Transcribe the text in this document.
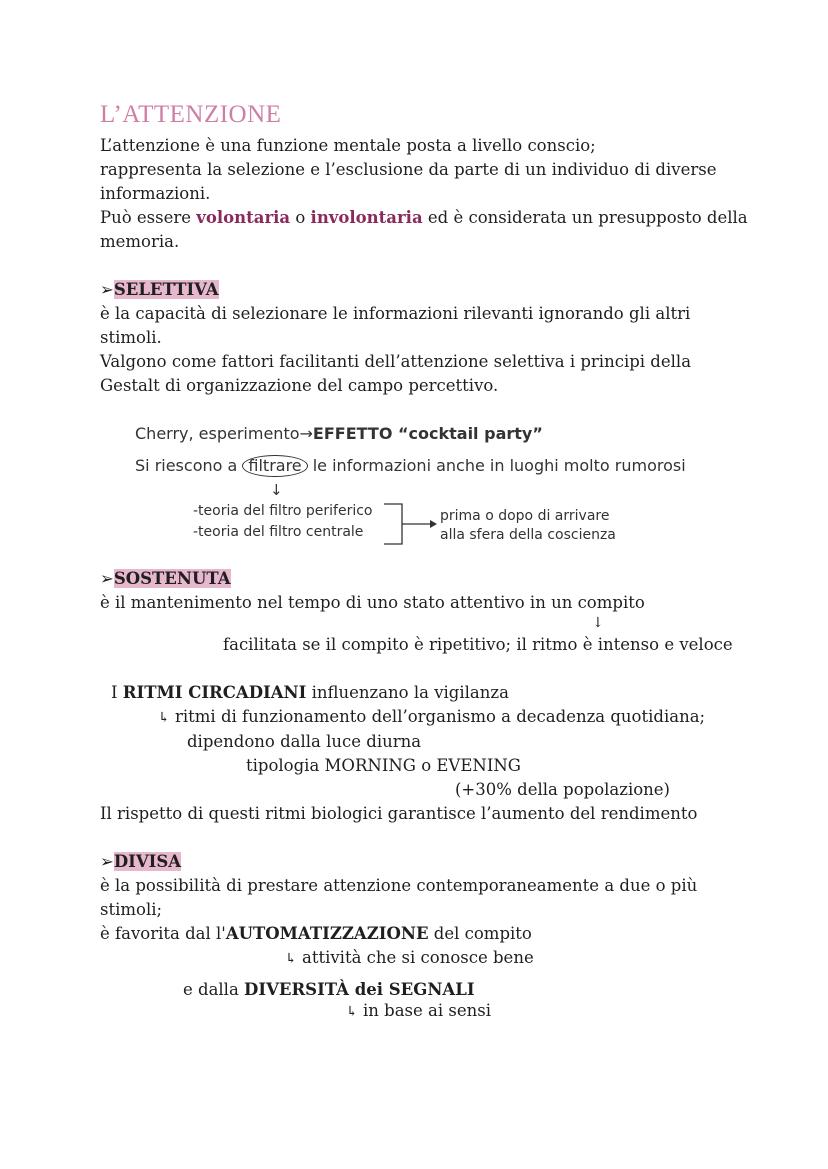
L’ATTENZIONE
L’attenzione è una funzione mentale posta a livello conscio;
rappresenta la selezione e l’esclusione da parte di un individuo di diverse
informazioni.
Può essere volontaria o involontaria ed è considerata un presupposto della
memoria.
➢SELETTIVA
è la capacità di selezionare le informazioni rilevanti ignorando gli altri
stimoli.
Valgono come fattori facilitanti dell’attenzione selettiva i principi della
Gestalt di organizzazione del campo percettivo.
Cherry, esperimento→EFFETTO “cocktail party”
Si riescono a filtrare le informazioni anche in luoghi molto rumorosi
↓
-teoria del filtro periferico
-teoria del filtro centrale
prima o dopo di arrivare
alla sfera della coscienza
➢SOSTENUTA
è il mantenimento nel tempo di uno stato attentivo in un compito
↓
facilitata se il compito è ripetitivo; il ritmo è intenso e veloce
I RITMI CIRCADIANI influenzano la vigilanza
↳ ritmi di funzionamento dell’organismo a decadenza quotidiana;
dipendono dalla luce diurna
tipologia MORNING o EVENING
(+30% della popolazione)
Il rispetto di questi ritmi biologici garantisce l’aumento del rendimento
➢DIVISA
è la possibilità di prestare attenzione contemporaneamente a due o più
stimoli;
è favorita dal l'AUTOMATIZZAZIONE del compito
↳ attività che si conosce bene
e dalla DIVERSITÀ dei SEGNALI
↳ in base ai sensi
